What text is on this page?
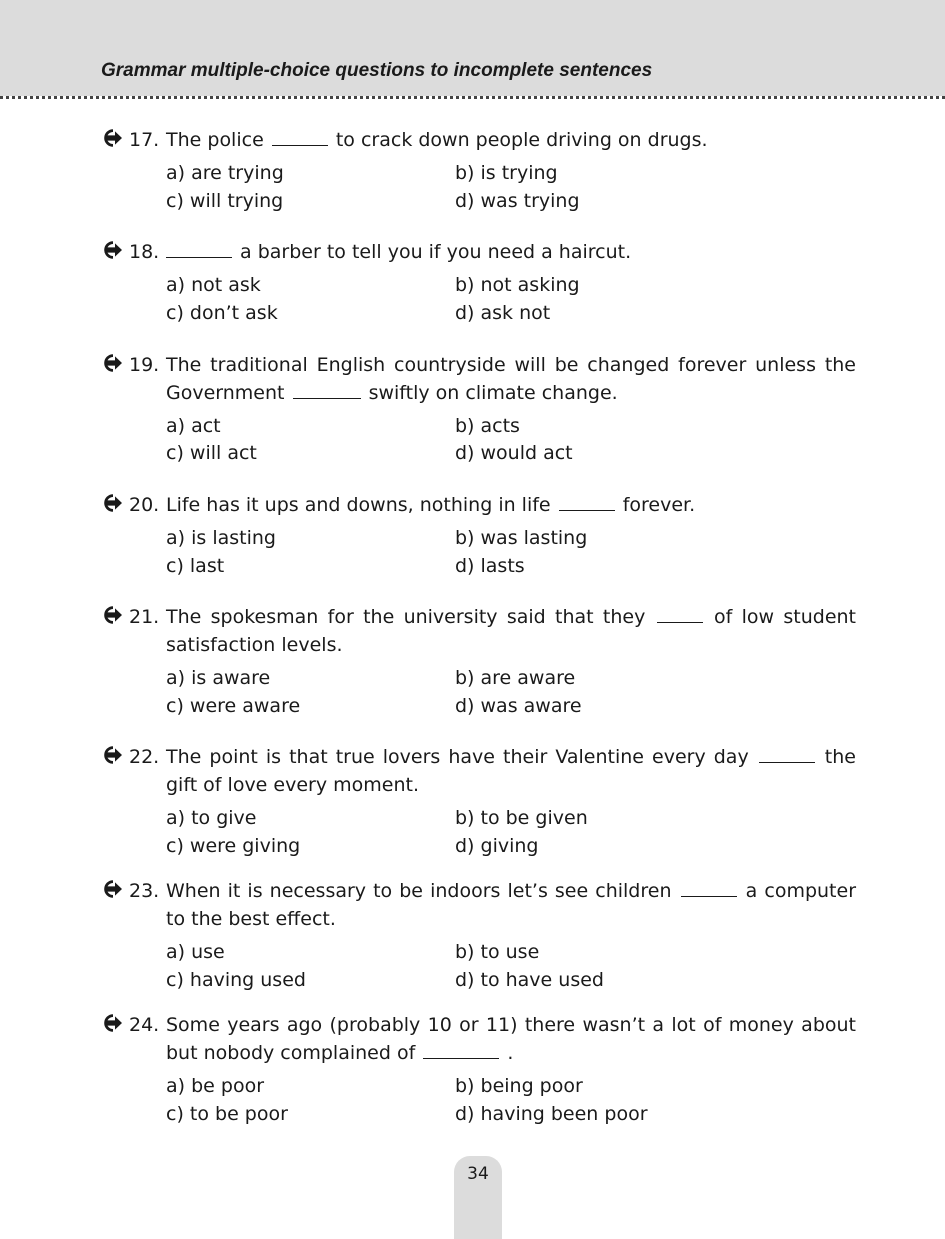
Grammar multiple-choice questions to incomplete sentences
17. The police	to crack down people driving on drugs.
a) are trying	b) is trying
c) will trying	d) was trying
18.	a barber to tell you if you need a haircut.
a) not ask	b) not asking
c) don’t ask	d) ask not
19. The traditional English countryside will be changed forever unless the Government	swiftly on climate change.
a) act	b) acts
c) will act	d) would act
20. Life has it ups and downs, nothing in life	forever.
a) is lasting	b) was lasting
c) last	d) lasts
21. The spokesman for the university said that they	of low student satisfaction levels.
a) is aware	b) are aware
c) were aware	d) was aware
22. The point is that true lovers have their Valentine every day	the gift of love every moment.
a) to give	b) to be given
c) were giving	d) giving
23. When it is necessary to be indoors let’s see children	a computer to the best effect.
a) use	b) to use
c) having used	d) to have used
24. Some years ago (probably 10 or 11) there wasn’t a lot of money about but nobody complained of	.
a) be poor	b) being poor
c) to be poor	d) having been poor
34
